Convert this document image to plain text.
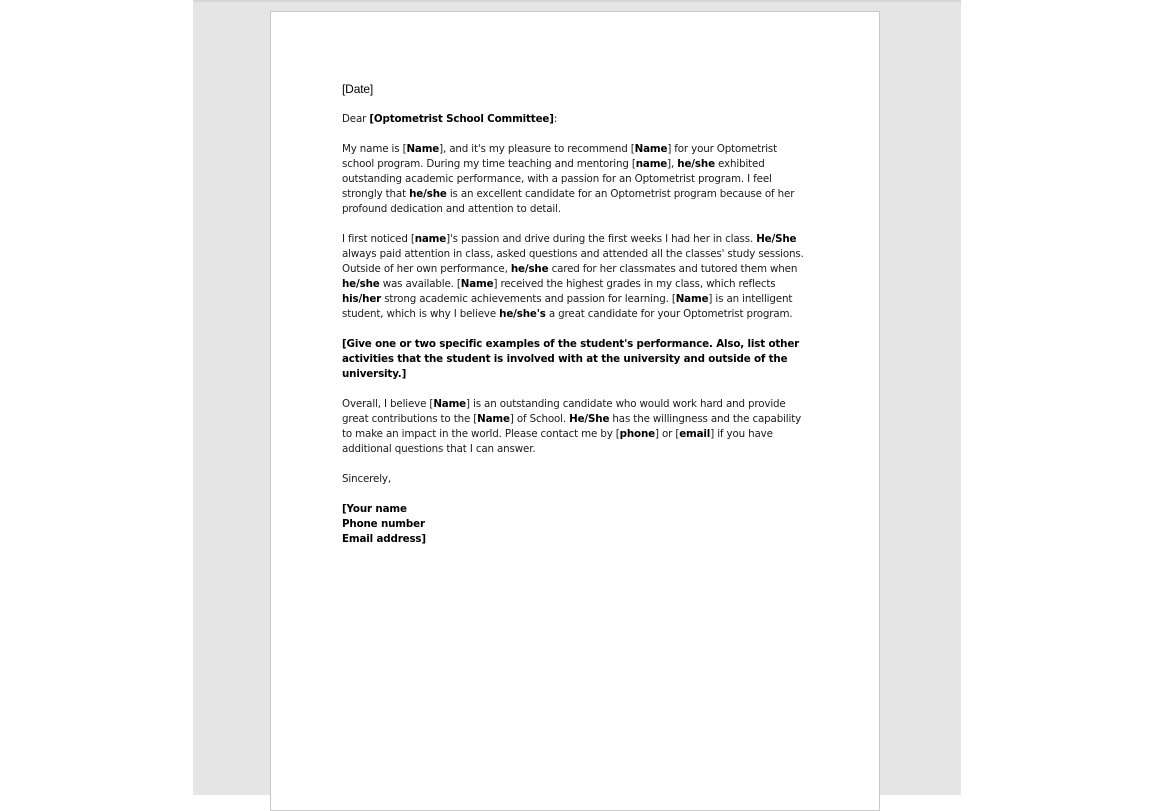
[Date]

Dear [Optometrist School Committee]:

My name is [Name], and it's my pleasure to recommend [Name] for your Optometrist school program. During my time teaching and mentoring [name], he/she exhibited outstanding academic performance, with a passion for an Optometrist program. I feel strongly that he/she is an excellent candidate for an Optometrist program because of her profound dedication and attention to detail.

I first noticed [name]'s passion and drive during the first weeks I had her in class. He/She always paid attention in class, asked questions and attended all the classes' study sessions. Outside of her own performance, he/she cared for her classmates and tutored them when he/she was available. [Name] received the highest grades in my class, which reflects his/her strong academic achievements and passion for learning. [Name] is an intelligent student, which is why I believe he/she's a great candidate for your Optometrist program.

[Give one or two specific examples of the student's performance. Also, list other activities that the student is involved with at the university and outside of the university.]

Overall, I believe [Name] is an outstanding candidate who would work hard and provide great contributions to the [Name] of School. He/She has the willingness and the capability to make an impact in the world. Please contact me by [phone] or [email] if you have additional questions that I can answer.

Sincerely,

[Your name
Phone number
Email address]
